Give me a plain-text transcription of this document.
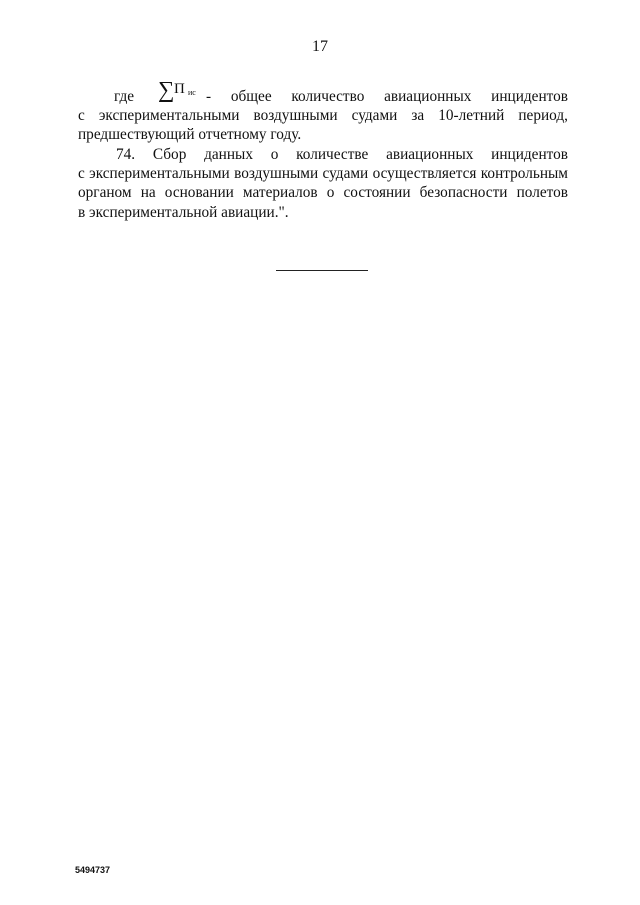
17
где ∑ П ис - общее количество авиационных инцидентов
с экспериментальными воздушными судами за 10-летний период,
предшествующий отчетному году.
74. Сбор данных о количестве авиационных инцидентов
с экспериментальными воздушными судами осуществляется контрольным
органом на основании материалов о состоянии безопасности полетов
в экспериментальной авиации.".
5494737
